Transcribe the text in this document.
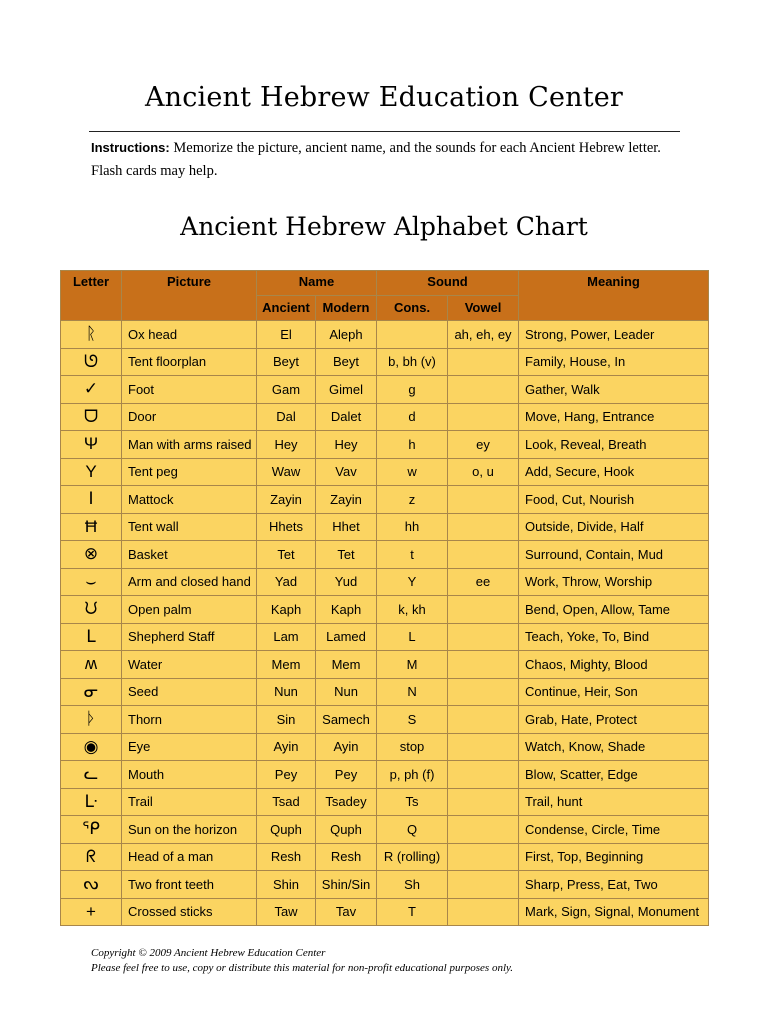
Ancient Hebrew Education Center
Instructions: Memorize the picture, ancient name, and the sounds for each Ancient Hebrew letter. Flash cards may help.
Ancient Hebrew Alphabet Chart
Letter	Picture	Name		Sound		Meaning
		Ancient	Modern	Cons.	Vowel	
ᚱ	Ox head	El	Aleph		ah, eh, ey	Strong, Power, Leader
ᘎ	Tent floorplan	Beyt	Beyt	b, bh (v)		Family, House, In
✓	Foot	Gam	Gimel	g		Gather, Walk
ᗜ	Door	Dal	Dalet	d		Move, Hang, Entrance
Ψ	Man with arms raised	Hey	Hey	h	ey	Look, Reveal, Breath
Y	Tent peg	Waw	Vav	w	o, u	Add, Secure, Hook
Ⅰ	Mattock	Zayin	Zayin	z		Food, Cut, Nourish
Ħ	Tent wall	Hhets	Hhet	hh		Outside, Divide, Half
⊗	Basket	Tet	Tet	t		Surround, Contain, Mud
⌣	Arm and closed hand	Yad	Yud	Y	ee	Work, Throw, Worship
ᙀ	Open palm	Kaph	Kaph	k, kh		Bend, Open, Allow, Tame
ᒪ	Shepherd Staff	Lam	Lamed	L		Teach, Yoke, To, Bind
ʍ	Water	Mem	Mem	M		Chaos, Mighty, Blood
ᓂ	Seed	Nun	Nun	N		Continue, Heir, Son
ᚦ	Thorn	Sin	Samech	S		Grab, Hate, Protect
◉	Eye	Ayin	Ayin	stop		Watch, Know, Shade
ᓚ	Mouth	Pey	Pey	p, ph (f)		Blow, Scatter, Edge
ᒷ	Trail	Tsad	Tsadey	Ts		Trail, hunt
ᕿ	Sun on the horizon	Quph	Quph	Q		Condense, Circle, Time
ᖇ	Head of a man	Resh	Resh	R (rolling)		First, Top, Beginning
ᔓ	Two front teeth	Shin	Shin/Sin	Sh		Sharp, Press, Eat, Two
+	Crossed sticks	Taw	Tav	T		Mark, Sign, Signal, Monument
Copyright © 2009 Ancient Hebrew Education Center
Please feel free to use, copy or distribute this material for non-profit educational purposes only.
